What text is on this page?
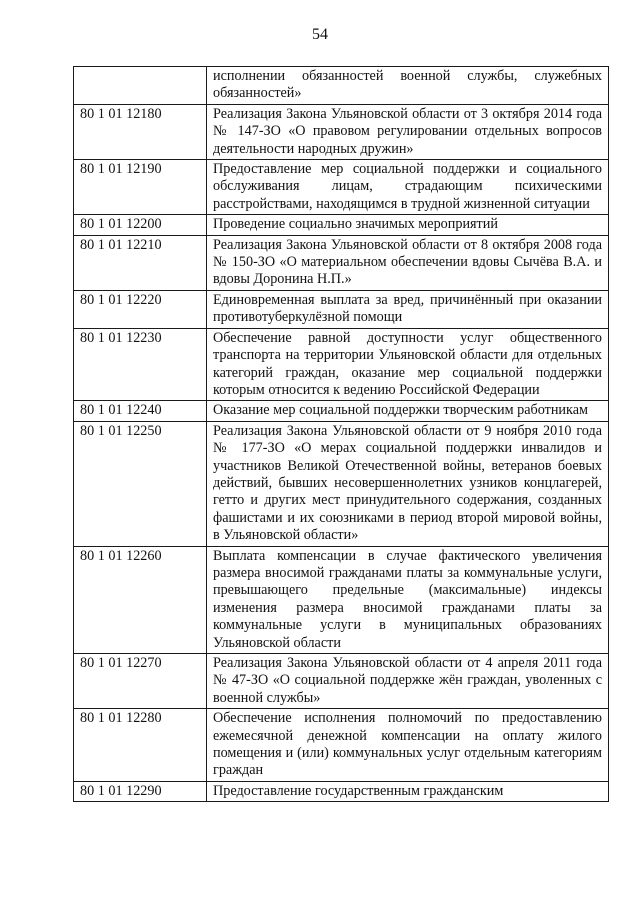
54
	исполнении обязанностей военной службы, служебных обязанностей»
80 1 01 12180	Реализация Закона Ульяновской области от 3 октября 2014 года № 147-ЗО «О правовом регулировании отдельных вопросов деятельности народных дружин»
80 1 01 12190	Предоставление мер социальной поддержки и социального обслуживания лицам, страдающим психическими расстройствами, находящимся в трудной жизненной ситуации
80 1 01 12200	Проведение социально значимых мероприятий
80 1 01 12210	Реализация Закона Ульяновской области от 8 октября 2008 года № 150-ЗО «О материальном обеспечении вдовы Сычёва В.А. и вдовы Доронина Н.П.»
80 1 01 12220	Единовременная выплата за вред, причинённый при оказании противотуберкулёзной помощи
80 1 01 12230	Обеспечение равной доступности услуг общественного транспорта на территории Ульяновской области для отдельных категорий граждан, оказание мер социальной поддержки которым относится к ведению Российской Федерации
80 1 01 12240	Оказание мер социальной поддержки творческим работникам
80 1 01 12250	Реализация Закона Ульяновской области от 9 ноября 2010 года № 177-ЗО «О мерах социальной поддержки инвалидов и участников Великой Отечественной войны, ветеранов боевых действий, бывших несовершеннолетних узников концлагерей, гетто и других мест принудительного содержания, созданных фашистами и их союзниками в период второй мировой войны, в Ульяновской области»
80 1 01 12260	Выплата компенсации в случае фактического увеличения размера вносимой гражданами платы за коммунальные услуги, превышающего предельные (максимальные) индексы изменения размера вносимой гражданами платы за коммунальные услуги в муниципальных образованиях Ульяновской области
80 1 01 12270	Реализация Закона Ульяновской области от 4 апреля 2011 года № 47-ЗО «О социальной поддержке жён граждан, уволенных с военной службы»
80 1 01 12280	Обеспечение исполнения полномочий по предоставлению ежемесячной денежной компенсации на оплату жилого помещения и (или) коммунальных услуг отдельным категориям граждан
80 1 01 12290	Предоставление государственным гражданским
